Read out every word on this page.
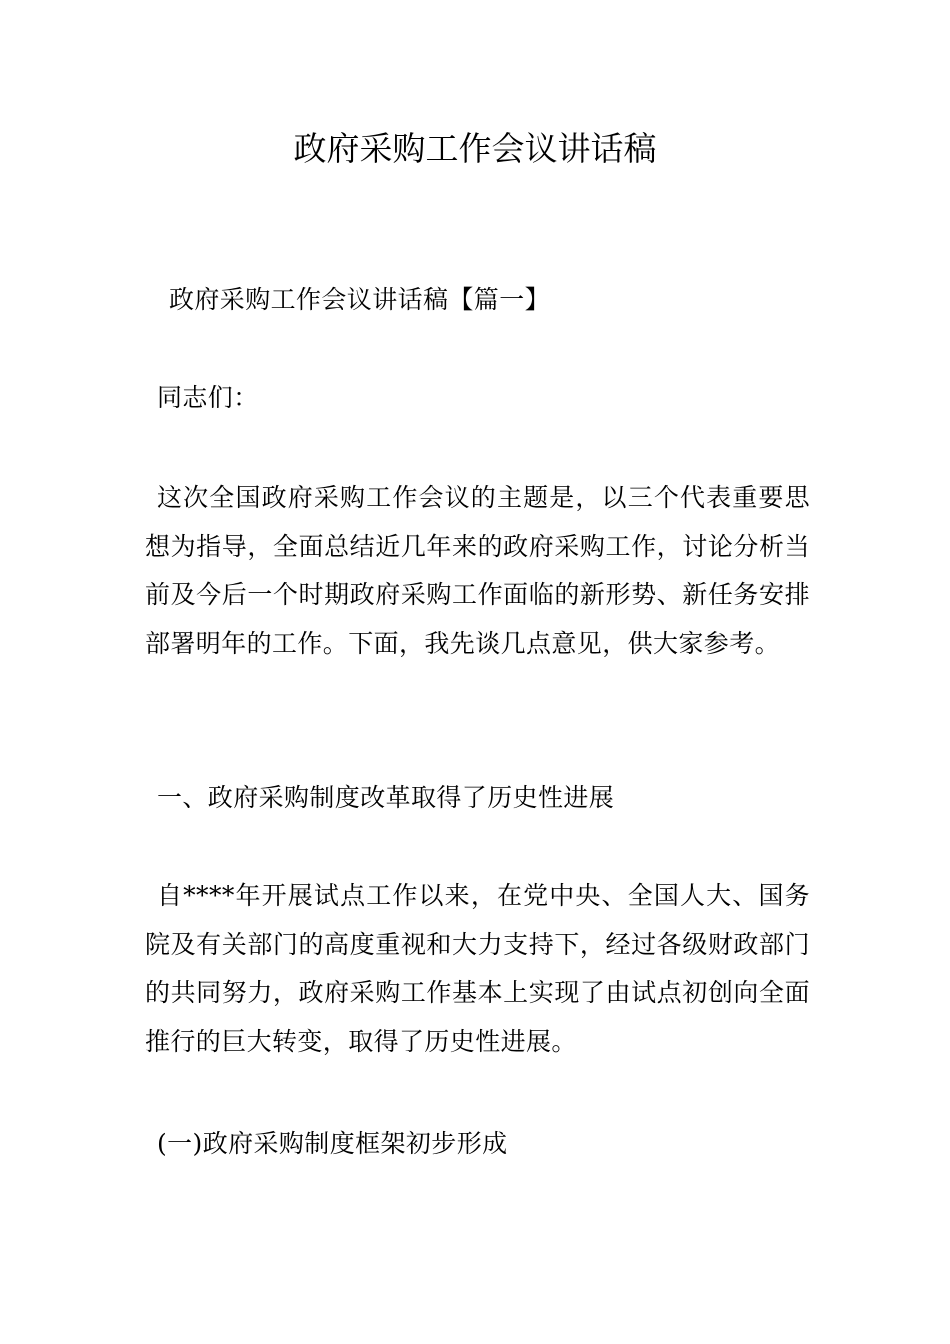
政府采购工作会议讲话稿

政府采购工作会议讲话稿【篇一】

同志们：

这次全国政府采购工作会议的主题是，以三个代表重要思想为指导，全面总结近几年来的政府采购工作，讨论分析当前及今后一个时期政府采购工作面临的新形势、新任务安排部署明年的工作。下面，我先谈几点意见，供大家参考。

一、政府采购制度改革取得了历史性进展

自****年开展试点工作以来，在党中央、全国人大、国务院及有关部门的高度重视和大力支持下，经过各级财政部门的共同努力，政府采购工作基本上实现了由试点初创向全面推行的巨大转变，取得了历史性进展。

(一)政府采购制度框架初步形成
